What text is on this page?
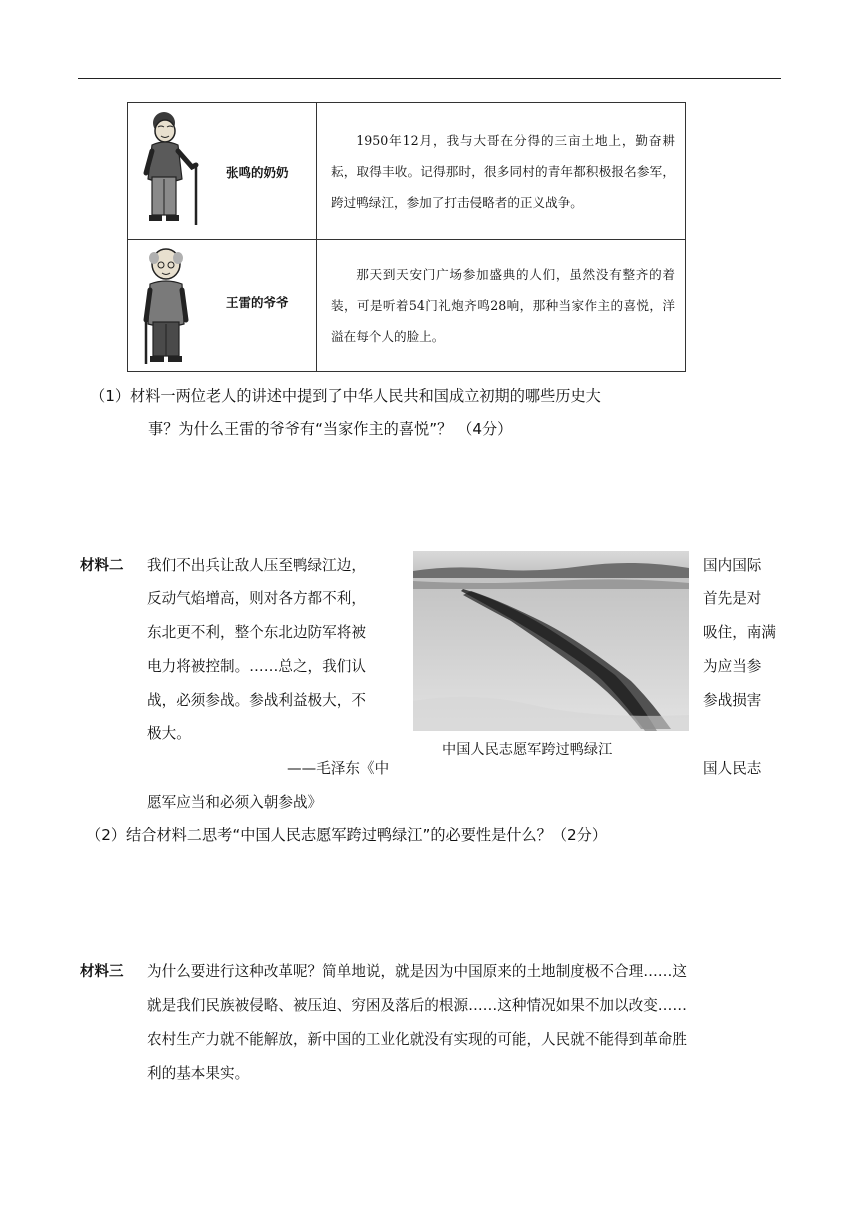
张鸣的奶奶	1950年12月，我与大哥在分得的三亩土地上，勤奋耕耘，取得丰收。记得那时，很多同村的青年都积极报名参军，跨过鸭绿江，参加了打击侵略者的正义战争。

王雷的爷爷	那天到天安门广场参加盛典的人们，虽然没有整齐的着装，可是听着54门礼炮齐鸣28响，那种当家作主的喜悦，洋溢在每个人的脸上。
（1） 材料一两位老人的讲述中提到了中华人民共和国成立初期的哪些历史大
事？为什么王雷的爷爷有“当家作主的喜悦”？ （4分）
材料二 我们不出兵让敌人压至鸭绿江边，
反动气焰增高，则对各方都不利，
东北更不利，整个东北边防军将被
电力将被控制。……总之，我们认
战，必须参战。参战利益极大，不
极大。
——毛泽东《中
愿军应当和必须入朝参战》
国内国际
首先是对
吸住，南满
为应当参
参战损害
国人民志
中国人民志愿军跨过鸭绿江
（2）结合材料二思考“中国人民志愿军跨过鸭绿江”的必要性是什么？（2分）
材料三 为什么要进行这种改革呢？简单地说，就是因为中国原来的土地制度极不合理……这
就是我们民族被侵略、被压迫、穷困及落后的根源……这种情况如果不加以改变……
农村生产力就不能解放，新中国的工业化就没有实现的可能，人民就不能得到革命胜
利的基本果实。
